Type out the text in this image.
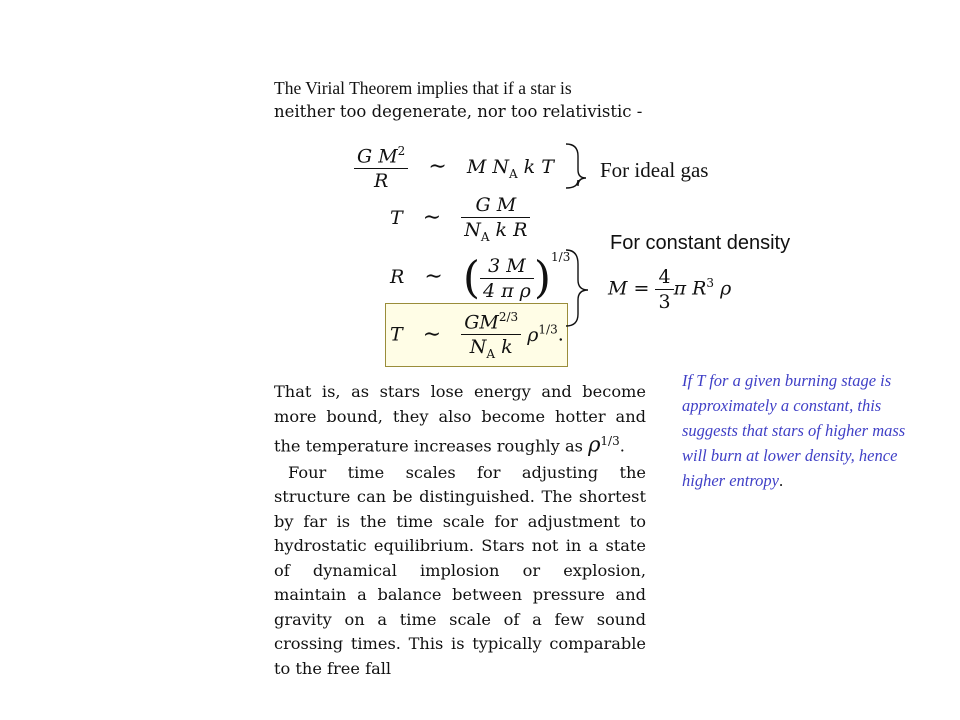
The Virial Theorem implies that if a star is
neither too degenerate, nor too relativistic -
$\frac{G M^2}{R}$ ∼ M $N_A$ k T
T ∼ $\frac{\text{G M}}{N_A k R}$
R ∼ ( $\frac{3 M}{\text{4 π ρ}} )^{1/3}$
T ∼ $\frac{GM^{2/3}}{N_A k} \rho^{1/3}$.
For ideal gas
For constant density
$M = \frac{4}{3}$ π $R^3$ ρ
If T for a given burning stage is approximately a constant, this suggests that stars of higher mass will burn at lower density, hence higher entropy.

That is, as stars lose energy and become more bound, they also become hotter and the temperature increases roughly as $\rho^{1/3}$.

Four time scales for adjusting the structure can be distinguished. The shortest by far is the time scale for adjustment to hydrostatic equilibrium. Stars not in a state of dynamical implosion or explosion, maintain a balance between pressure and gravity on a time scale of a few sound crossing times. This is typically comparable to the free fall
